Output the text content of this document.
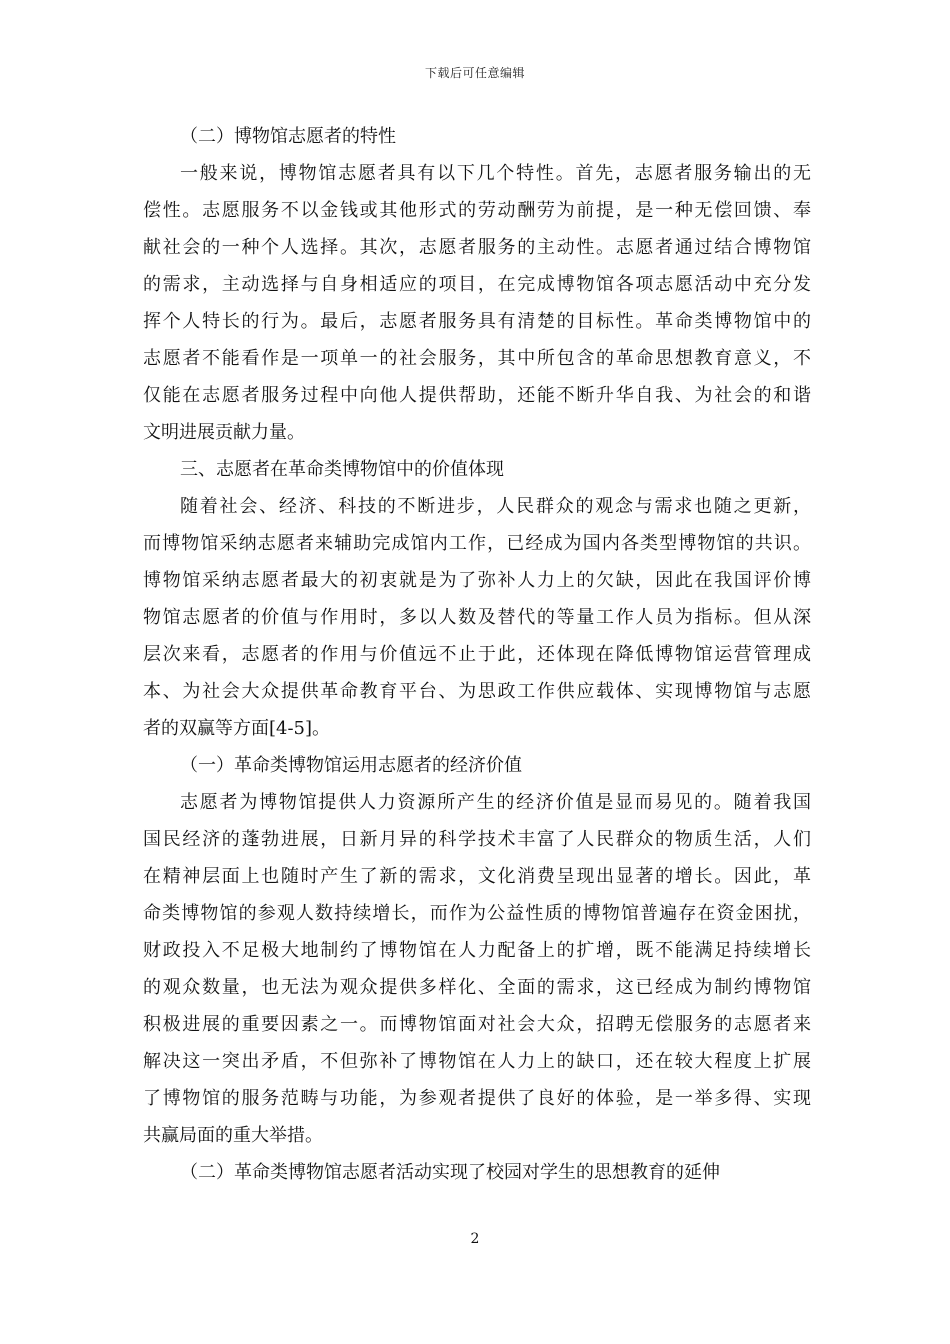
下载后可任意编辑
（二）博物馆志愿者的特性
一般来说，博物馆志愿者具有以下几个特性。首先，志愿者服务输出的无
偿性。志愿服务不以金钱或其他形式的劳动酬劳为前提，是一种无偿回馈、奉
献社会的一种个人选择。其次，志愿者服务的主动性。志愿者通过结合博物馆
的需求，主动选择与自身相适应的项目，在完成博物馆各项志愿活动中充分发
挥个人特长的行为。最后，志愿者服务具有清楚的目标性。革命类博物馆中的
志愿者不能看作是一项单一的社会服务，其中所包含的革命思想教育意义，不
仅能在志愿者服务过程中向他人提供帮助，还能不断升华自我、为社会的和谐
文明进展贡献力量。
三、志愿者在革命类博物馆中的价值体现
随着社会、经济、科技的不断进步，人民群众的观念与需求也随之更新，
而博物馆采纳志愿者来辅助完成馆内工作，已经成为国内各类型博物馆的共识。
博物馆采纳志愿者最大的初衷就是为了弥补人力上的欠缺，因此在我国评价博
物馆志愿者的价值与作用时，多以人数及替代的等量工作人员为指标。但从深
层次来看，志愿者的作用与价值远不止于此，还体现在降低博物馆运营管理成
本、为社会大众提供革命教育平台、为思政工作供应载体、实现博物馆与志愿
者的双赢等方面[4-5]。
（一）革命类博物馆运用志愿者的经济价值
志愿者为博物馆提供人力资源所产生的经济价值是显而易见的。随着我国
国民经济的蓬勃进展，日新月异的科学技术丰富了人民群众的物质生活，人们
在精神层面上也随时产生了新的需求，文化消费呈现出显著的增长。因此，革
命类博物馆的参观人数持续增长，而作为公益性质的博物馆普遍存在资金困扰，
财政投入不足极大地制约了博物馆在人力配备上的扩增，既不能满足持续增长
的观众数量，也无法为观众提供多样化、全面的需求，这已经成为制约博物馆
积极进展的重要因素之一。而博物馆面对社会大众，招聘无偿服务的志愿者来
解决这一突出矛盾，不但弥补了博物馆在人力上的缺口，还在较大程度上扩展
了博物馆的服务范畴与功能，为参观者提供了良好的体验，是一举多得、实现
共赢局面的重大举措。
（二）革命类博物馆志愿者活动实现了校园对学生的思想教育的延伸
2
